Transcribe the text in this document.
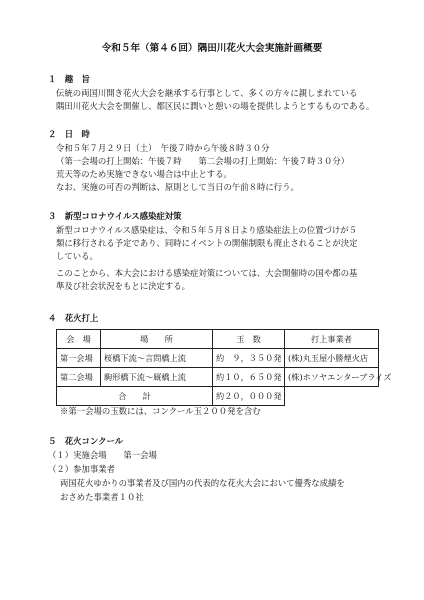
令和５年（第４６回）隅田川花火大会実施計画概要
１　趣　旨
伝統の両国川開き花火大会を継承する行事として、多くの方々に親しまれている
隅田川花火大会を開催し、都区民に潤いと憩いの場を提供しようとするものである。
２　日　時
令和５年７月２９日（土）　午後７時から午後８時３０分
（第一会場の打上開始：午後７時　　第二会場の打上開始：午後７時３０分）
荒天等のため実施できない場合は中止とする。
なお、実施の可否の判断は、原則として当日の午前８時に行う。
３　新型コロナウイルス感染症対策
新型コロナウイルス感染症は、令和５年５月８日より感染症法上の位置づけが５
類に移行される予定であり、同時にイベントの開催制限も廃止されることが決定
している。
このことから、本大会における感染症対策については、大会開催時の国や都の基
準及び社会状況をもとに決定する。
４　花火打上
会　場	場　　所	玉　数	打上事業者
第一会場	桜橋下流～言問橋上流	約　９，３５０発	(株)丸玉屋小勝煙火店
第二会場	駒形橋下流～厩橋上流	約１０，６５０発	(株)ホソヤエンタープライズ
合　　計		約２０，０００発	
※第一会場の玉数には、コンクール玉２００発を含む
５　花火コンクール
（１）実施会場　　第一会場
（２）参加事業者
両国花火ゆかりの事業者及び国内の代表的な花火大会において優秀な成績を
おさめた事業者１０社
